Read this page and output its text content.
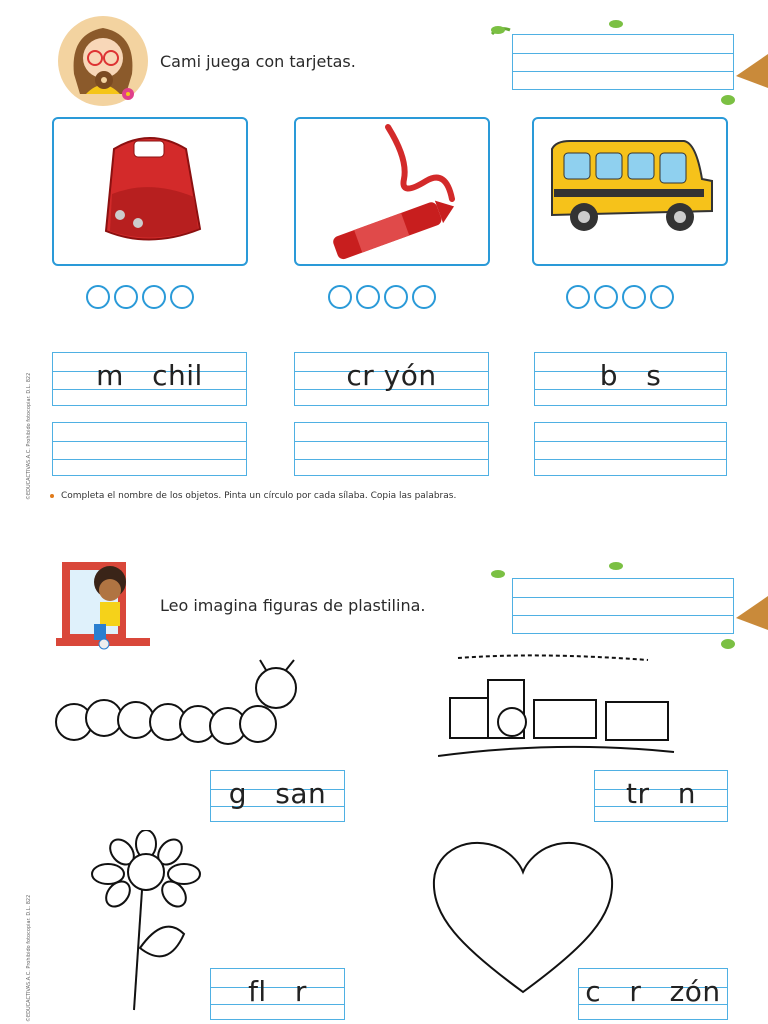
©EDUCACTIVAS.A.C. Prohibido fotocopiar. D.L. 822
©EDUCACTIVAS.A.C. Prohibido fotocopiar. D.L. 822
Cami juega con tarjetas.
m   chil	cr yón	b   s
Completa el nombre de los objetos. Pinta un círculo por cada sílaba. Copia las palabras.
Leo imagina figuras de plastilina.
g   san	tr   n
fl   r	c   r   zón
